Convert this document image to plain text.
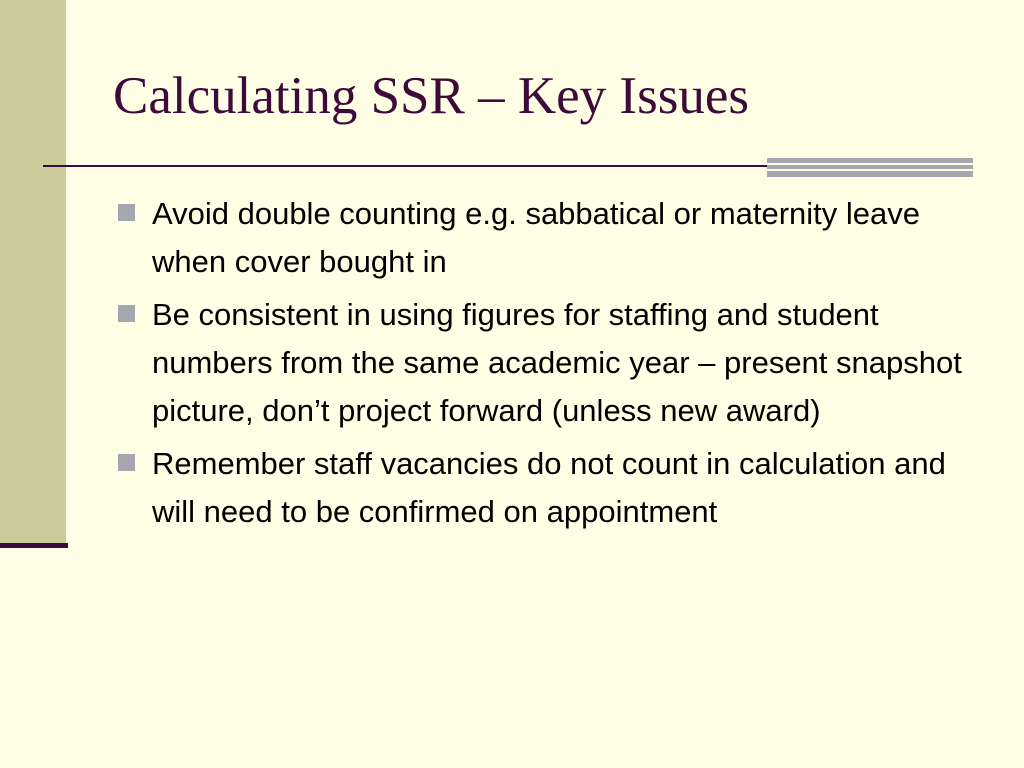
Calculating SSR – Key Issues
Avoid double counting e.g. sabbatical or maternity leave when cover bought in
Be consistent in using figures for staffing and student numbers from the same academic year – present snapshot picture, don’t project forward (unless new award)
Remember staff vacancies do not count in calculation and will need to be confirmed on appointment
